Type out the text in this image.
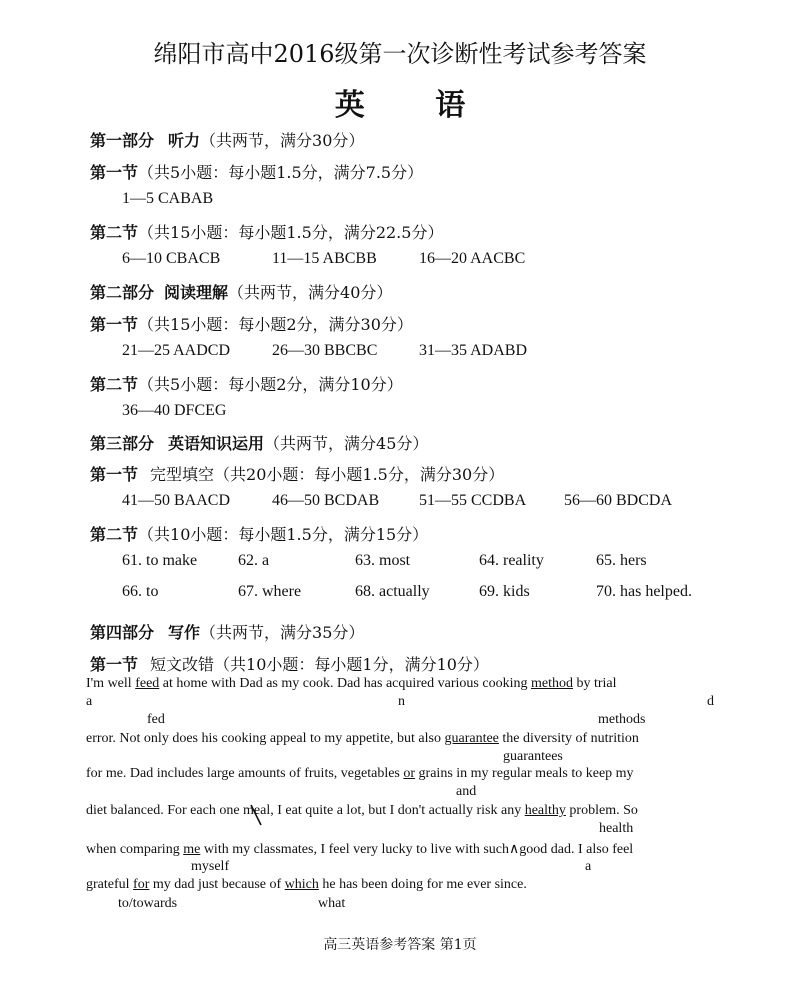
绵阳市高中2016级第一次诊断性考试参考答案
英 语
第一部分 听力（共两节，满分30分）
第一节（共5小题：每小题1.5分，满分7.5分）
1—5 CABAB
第二节（共15小题：每小题1.5分，满分22.5分）
6—10 CBACB	11—15 ABCBB	16—20 AACBC
第二部分 阅读理解（共两节，满分40分）
第一节（共15小题：每小题2分，满分30分）
21—25 AADCD	26—30 BBCBC	31—35 ADABD
第二节（共5小题：每小题2分，满分10分）
36—40 DFCEG
第三部分 英语知识运用（共两节，满分45分）
第一节 完型填空（共20小题：每小题1.5分，满分30分）
41—50 BAACD	46—50 BCDAB 51—55 CCDBA 56—60 BDCDA
第二节（共10小题：每小题1.5分，满分15分）
61. to make	62. a	63. most	64. reality	65. hers
66. to	67. where	68. actually	69. kids	70. has helped.
第四部分 写作（共两节，满分35分）
第一节 短文改错（共10小题：每小题1分，满分10分）
I'm well feed at home with Dad as my cook. Dad has acquired various cooking method by trial
a	n	d
fed	methods
error. Not only does his cooking appeal to my appetite, but also guarantee the diversity of nutrition
guarantees
for me. Dad includes large amounts of fruits, vegetables or grains in my regular meals to keep my
and
diet balanced. For each one meal, I eat quite a lot, but I don't actually risk any healthy problem. So
health
when comparing me with my classmates, I feel very lucky to live with such∧good dad. I also feel
myself	a
grateful for my dad just because of which he has been doing for me ever since.
to/towards	what
高三英语参考答案 第1页
